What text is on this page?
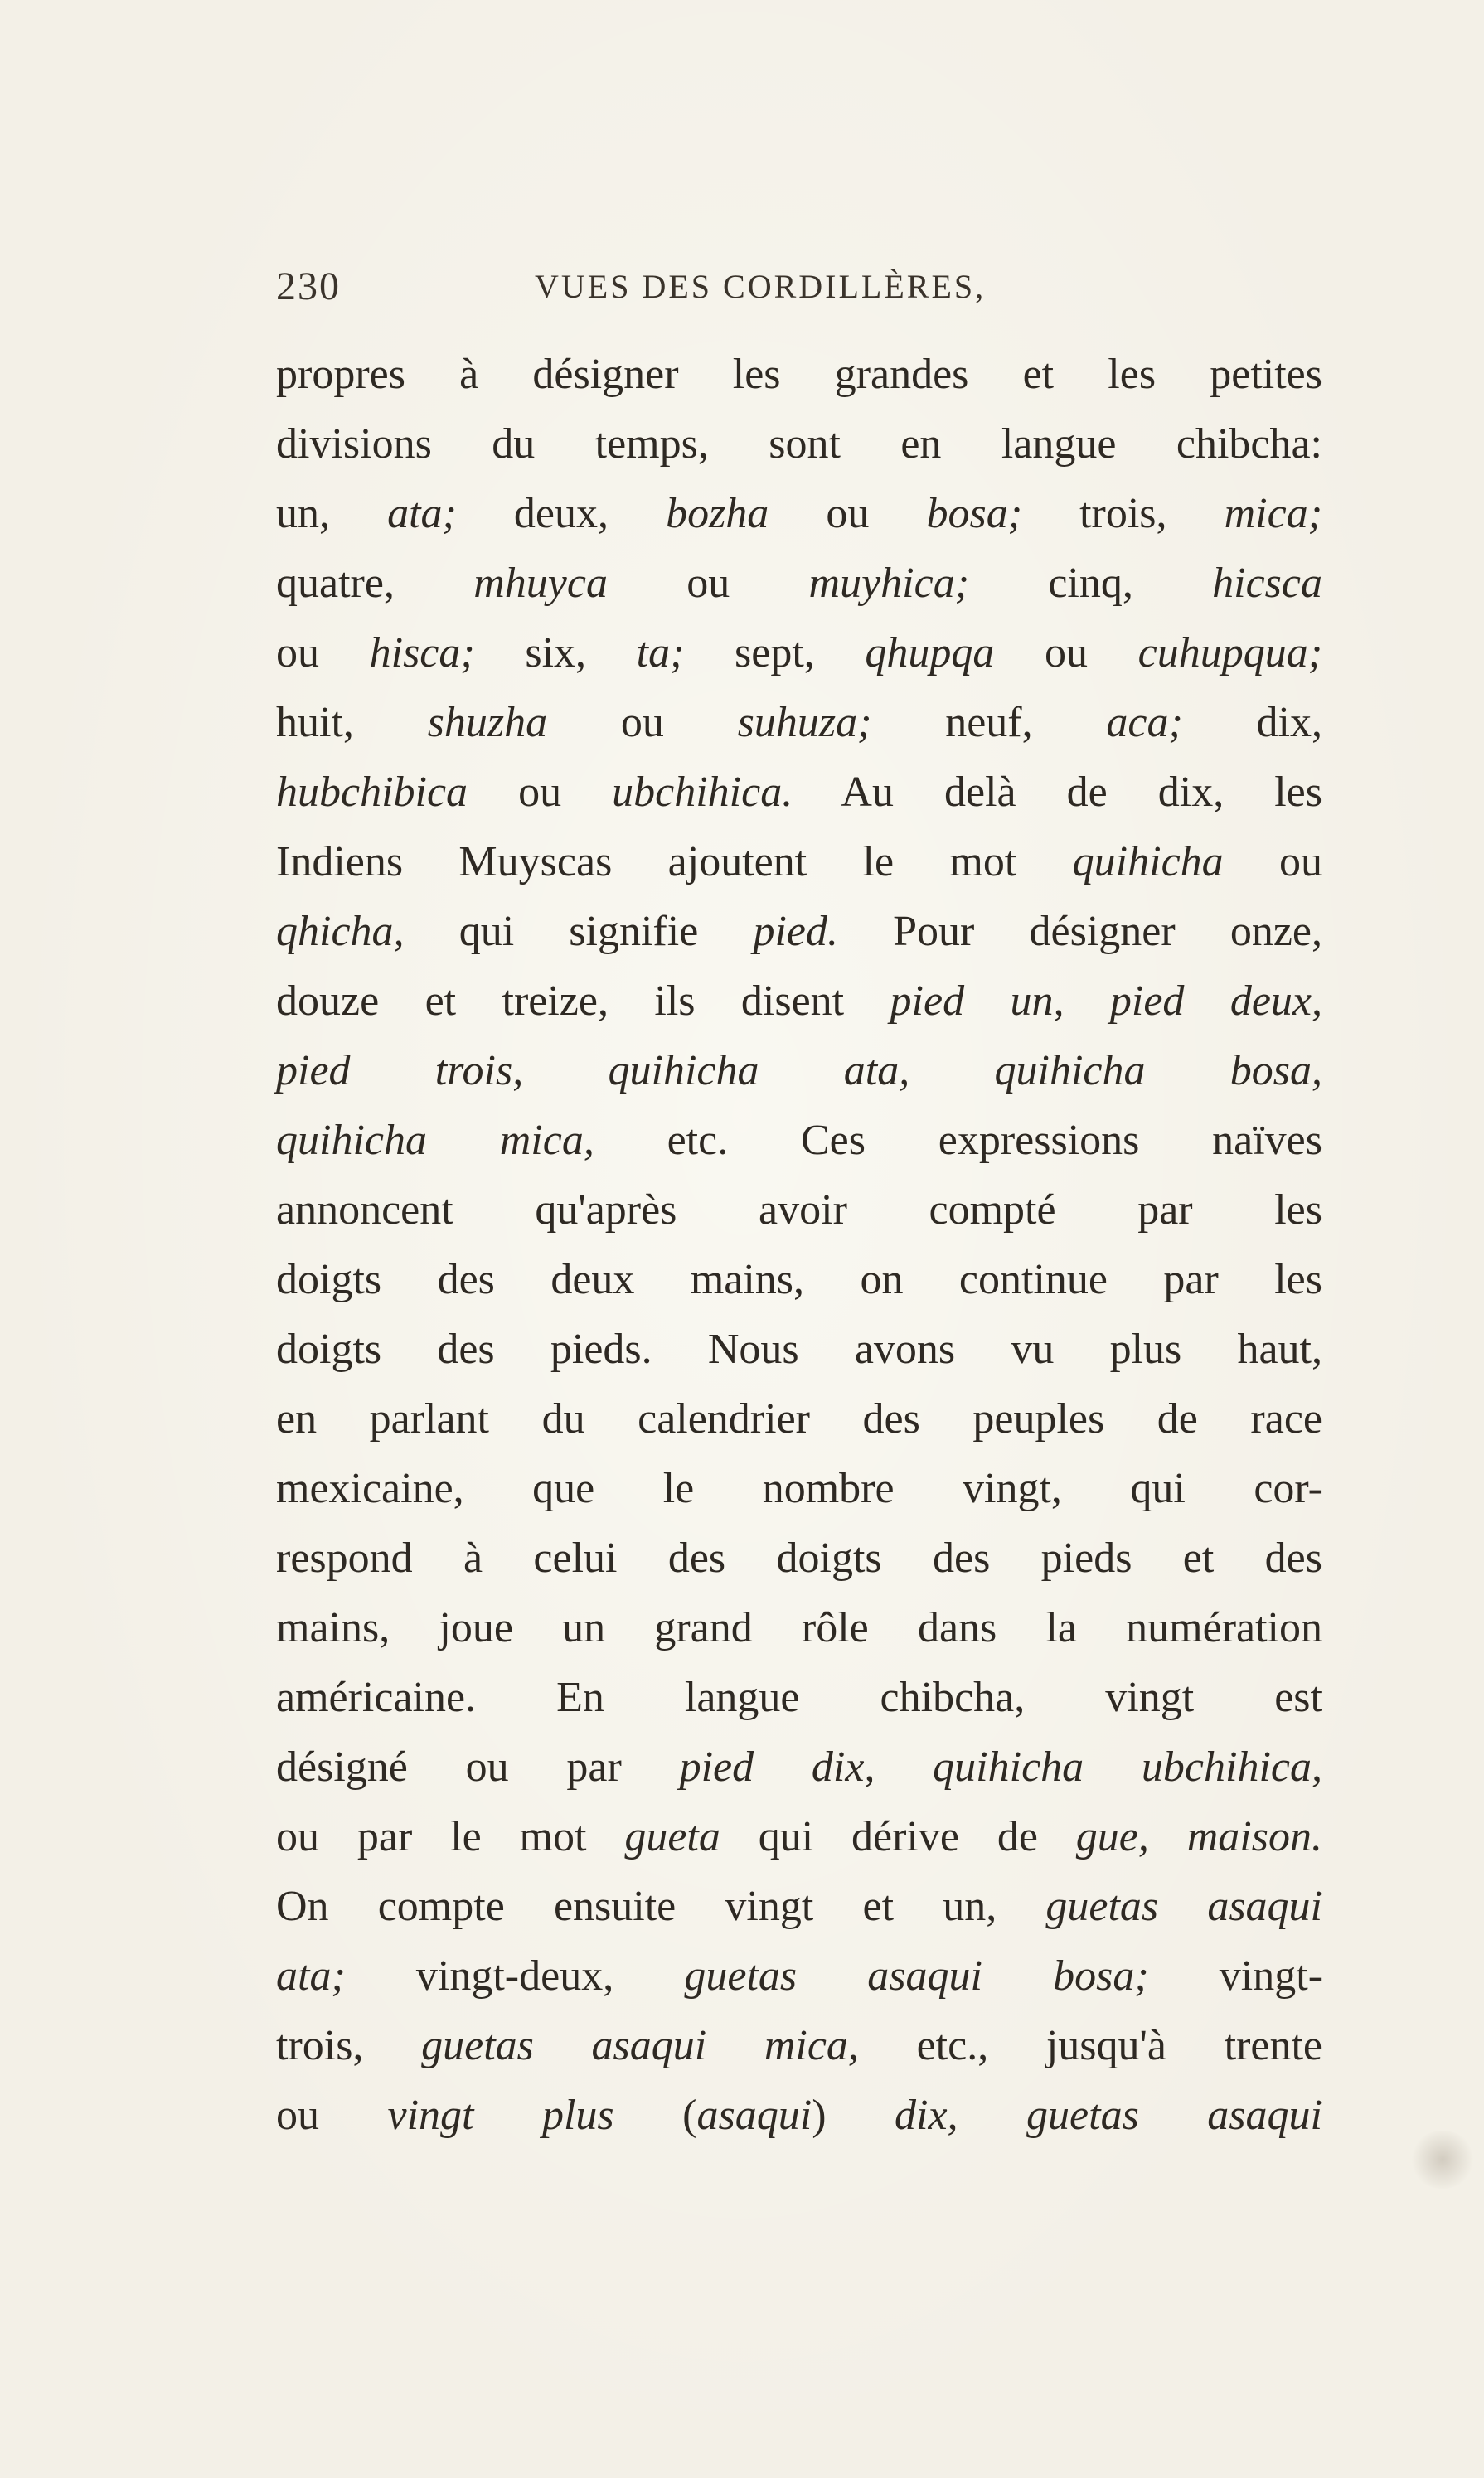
230	VUES DES CORDILLÈRES,
propres à désigner les grandes et les petites
divisions du temps, sont en langue chibcha:
un, ata; deux, bozha ou bosa; trois, mica;
quatre, mhuyca ou muyhica; cinq, hicsca
ou hisca; six, ta; sept, qhupqa ou cuhupqua;
huit, shuzha ou suhuza; neuf, aca; dix,
hubchibica ou ubchihica. Au delà de dix, les
Indiens Muyscas ajoutent le mot quihicha ou
qhicha, qui signifie pied. Pour désigner onze,
douze et treize, ils disent pied un, pied deux,
pied trois, quihicha ata, quihicha bosa,
quihicha mica, etc. Ces expressions naïves
annoncent qu'après avoir compté par les
doigts des deux mains, on continue par les
doigts des pieds. Nous avons vu plus haut,
en parlant du calendrier des peuples de race
mexicaine, que le nombre vingt, qui cor-
respond à celui des doigts des pieds et des
mains, joue un grand rôle dans la numération
américaine. En langue chibcha, vingt est
désigné ou par pied dix, quihicha ubchihica,
ou par le mot gueta qui dérive de gue, maison.
On compte ensuite vingt et un, guetas asaqui
ata; vingt-deux, guetas asaqui bosa; vingt-
trois, guetas asaqui mica, etc., jusqu'à trente
ou vingt plus (asaqui) dix, guetas asaqui
